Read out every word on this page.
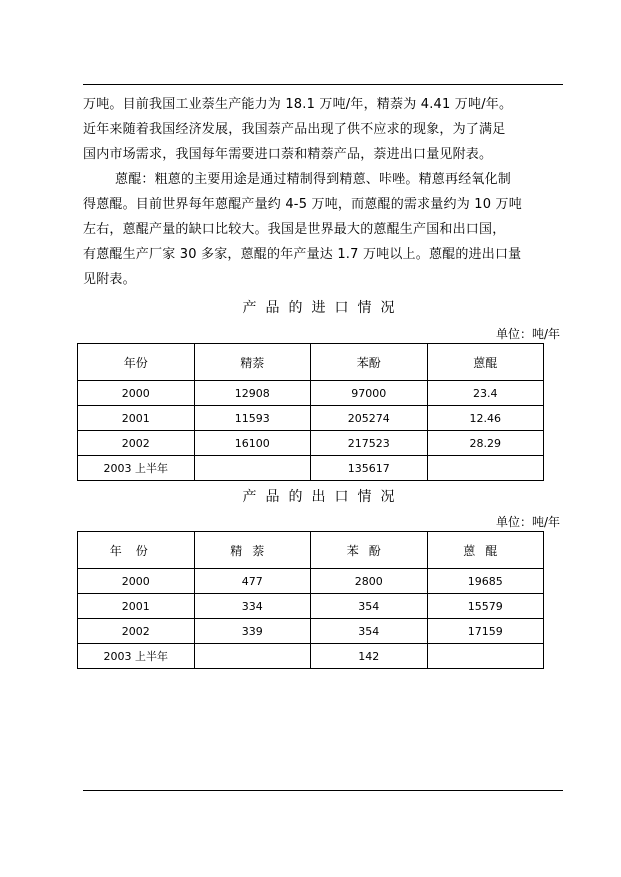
万吨。目前我国工业萘生产能力为 18.1 万吨/年，精萘为 4.41 万吨/年。
近年来随着我国经济发展，我国萘产品出现了供不应求的现象，为了满足
国内市场需求，我国每年需要进口萘和精萘产品，萘进出口量见附表。
蒽醌：粗蒽的主要用途是通过精制得到精蒽、咔唑。精蒽再经氧化制
得蒽醌。目前世界每年蒽醌产量约 4-5 万吨，而蒽醌的需求量约为 10 万吨
左右，蒽醌产量的缺口比较大。我国是世界最大的蒽醌生产国和出口国，
有蒽醌生产厂家 30 多家，蒽醌的年产量达 1.7 万吨以上。蒽醌的进出口量
见附表。
产品的进口情况
单位：吨/年
年份	精萘	苯酚	蒽醌
2000	12908	97000	23.4
2001	11593	205274	12.46
2002	16100	217523	28.29
2003 上半年		135617	
产品的出口情况
单位：吨/年
年份	精萘	苯酚	蒽醌
2000	477	2800	19685
2001	334	354	15579
2002	339	354	17159
2003 上半年		142	
